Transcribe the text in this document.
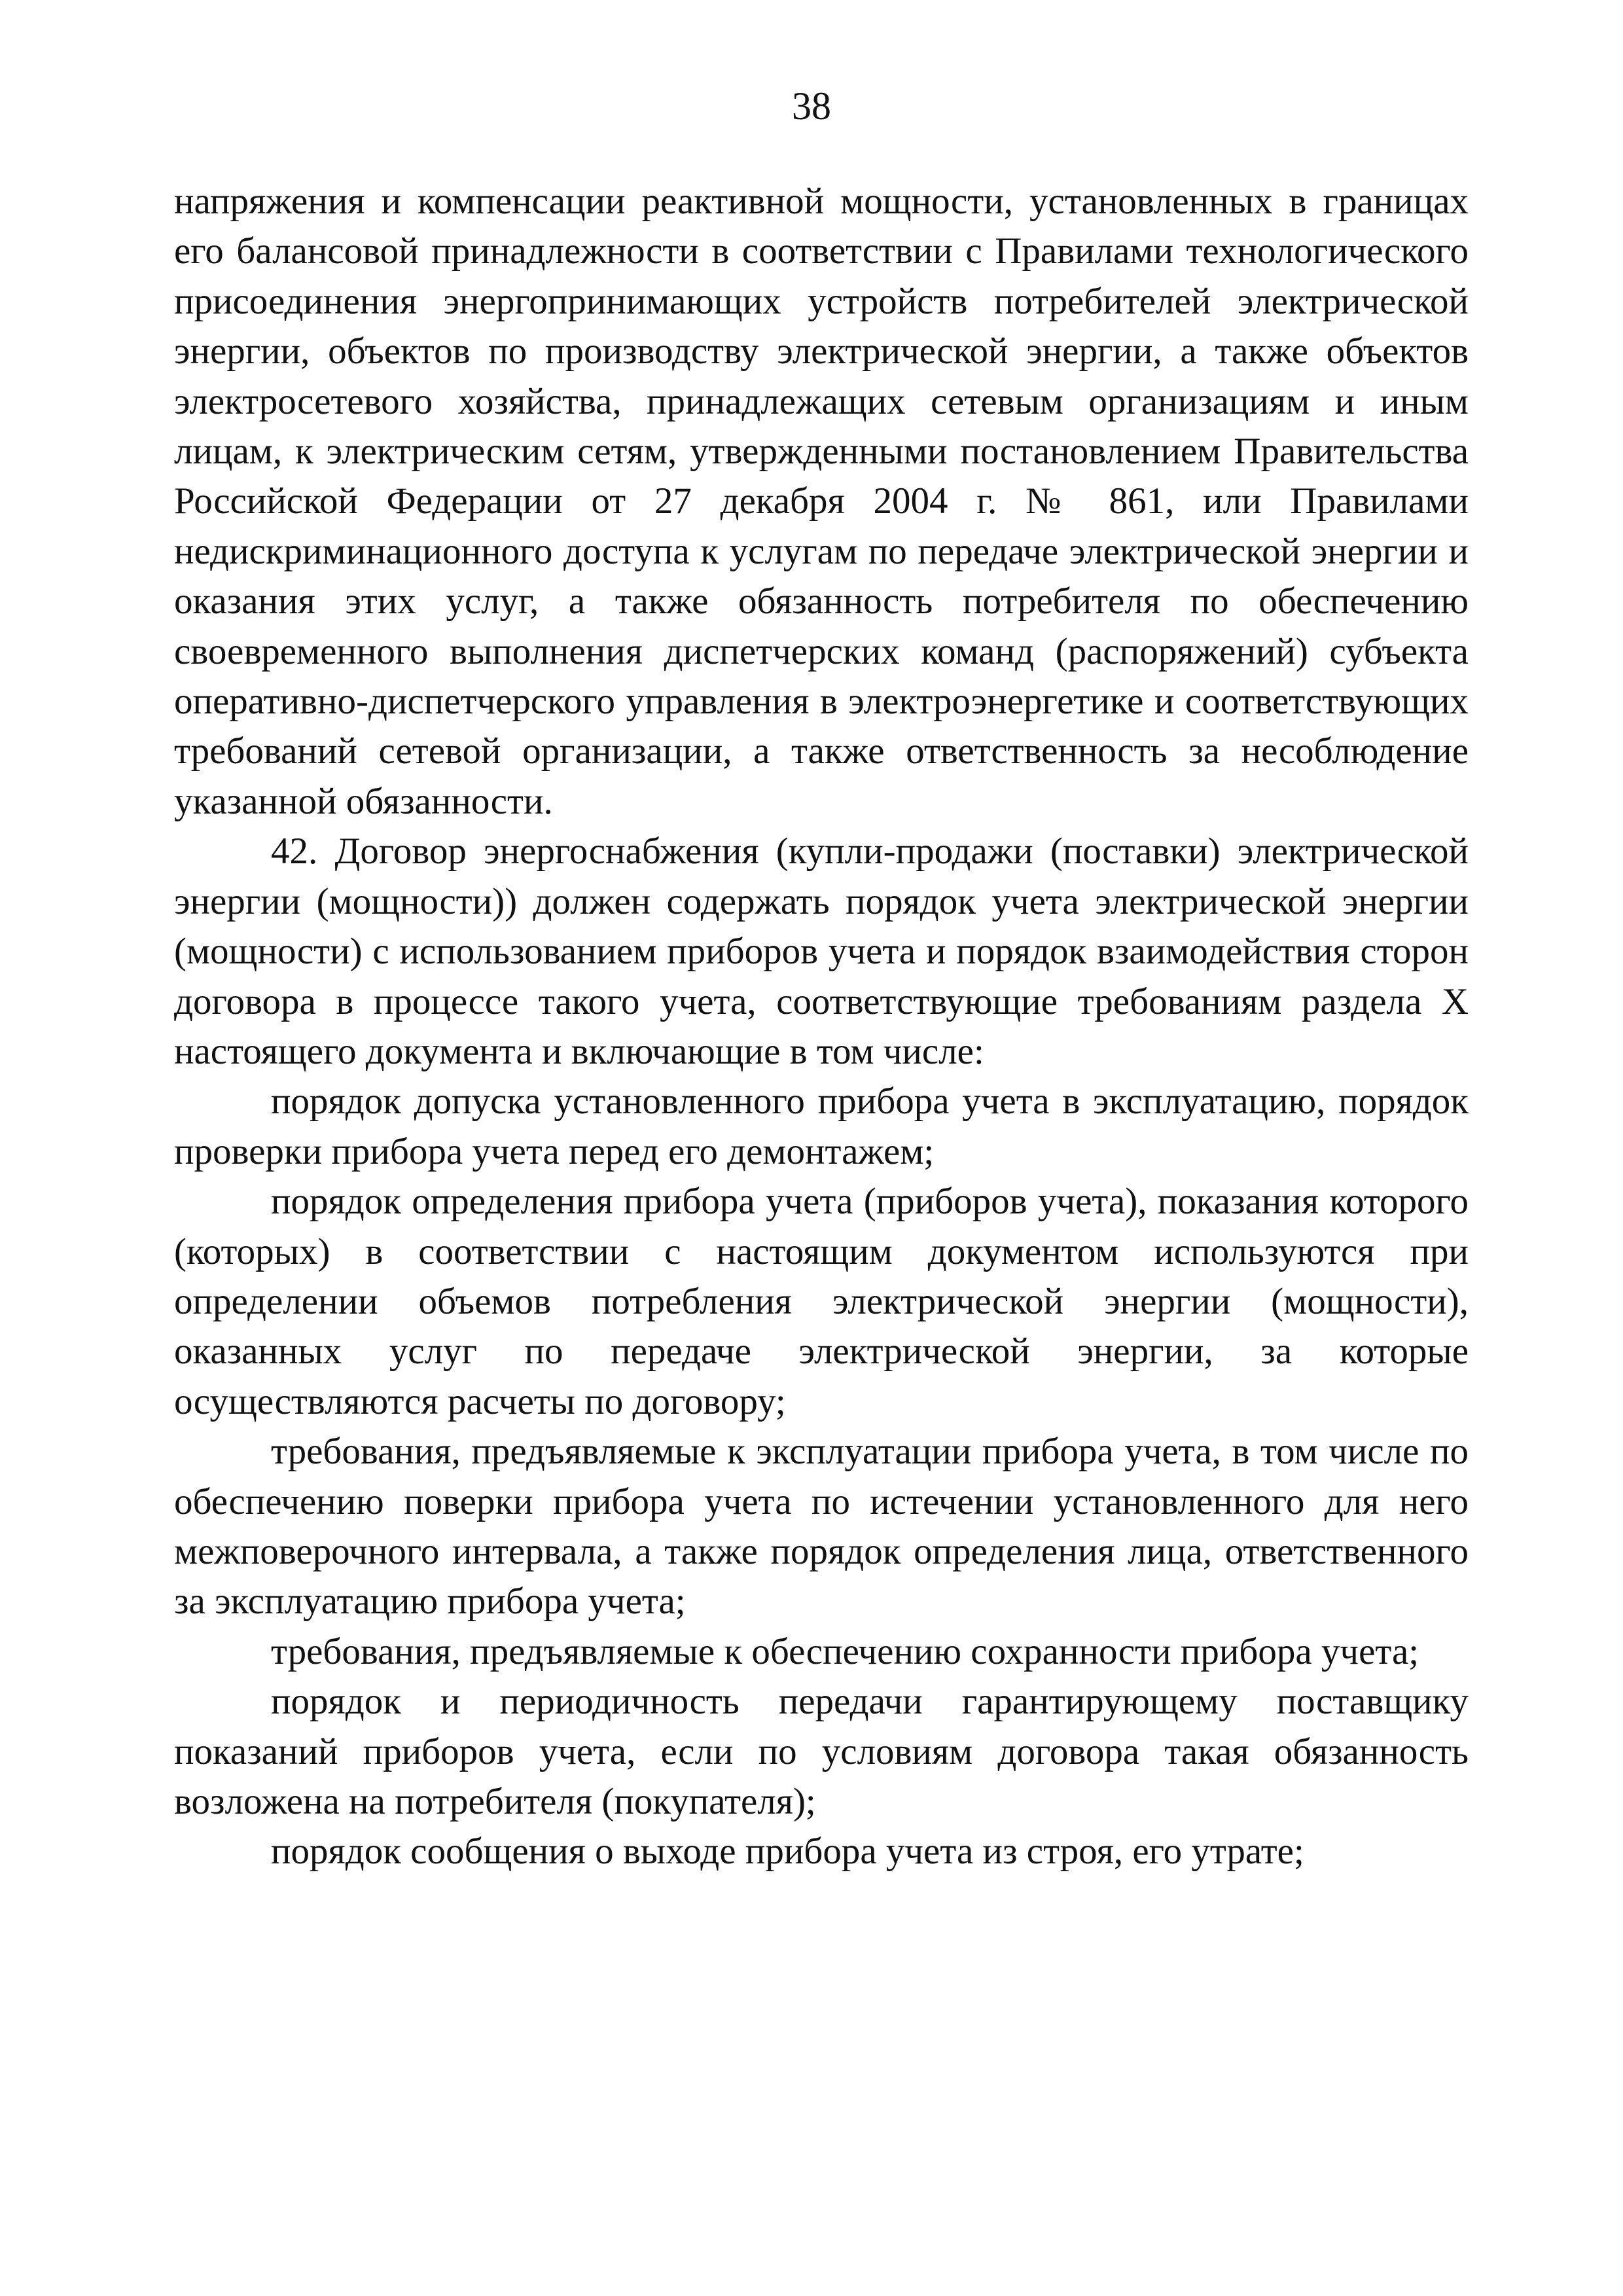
38

напряжения и компенсации реактивной мощности, установленных в границах его балансовой принадлежности в соответствии с Правилами технологического присоединения энергопринимающих устройств потребителей электрической энергии, объектов по производству электрической энергии, а также объектов электросетевого хозяйства, принадлежащих сетевым организациям и иным лицам, к электрическим сетям, утвержденными постановлением Правительства Российской Федерации от 27 декабря 2004 г. № 861, или Правилами недискриминационного доступа к услугам по передаче электрической энергии и оказания этих услуг, а также обязанность потребителя по обеспечению своевременного выполнения диспетчерских команд (распоряжений) субъекта оперативно-диспетчерского управления в электроэнергетике и соответствующих требований сетевой организации, а также ответственность за несоблюдение указанной обязанности.

42. Договор энергоснабжения (купли-продажи (поставки) электрической энергии (мощности)) должен содержать порядок учета электрической энергии (мощности) с использованием приборов учета и порядок взаимодействия сторон договора в процессе такого учета, соответствующие требованиям раздела X настоящего документа и включающие в том числе:

порядок допуска установленного прибора учета в эксплуатацию, порядок проверки прибора учета перед его демонтажем;

порядок определения прибора учета (приборов учета), показания которого (которых) в соответствии с настоящим документом используются при определении объемов потребления электрической энергии (мощности), оказанных услуг по передаче электрической энергии, за которые осуществляются расчеты по договору;

требования, предъявляемые к эксплуатации прибора учета, в том числе по обеспечению поверки прибора учета по истечении установленного для него межповерочного интервала, а также порядок определения лица, ответственного за эксплуатацию прибора учета;

требования, предъявляемые к обеспечению сохранности прибора учета;

порядок и периодичность передачи гарантирующему поставщику показаний приборов учета, если по условиям договора такая обязанность возложена на потребителя (покупателя);

порядок сообщения о выходе прибора учета из строя, его утрате;
